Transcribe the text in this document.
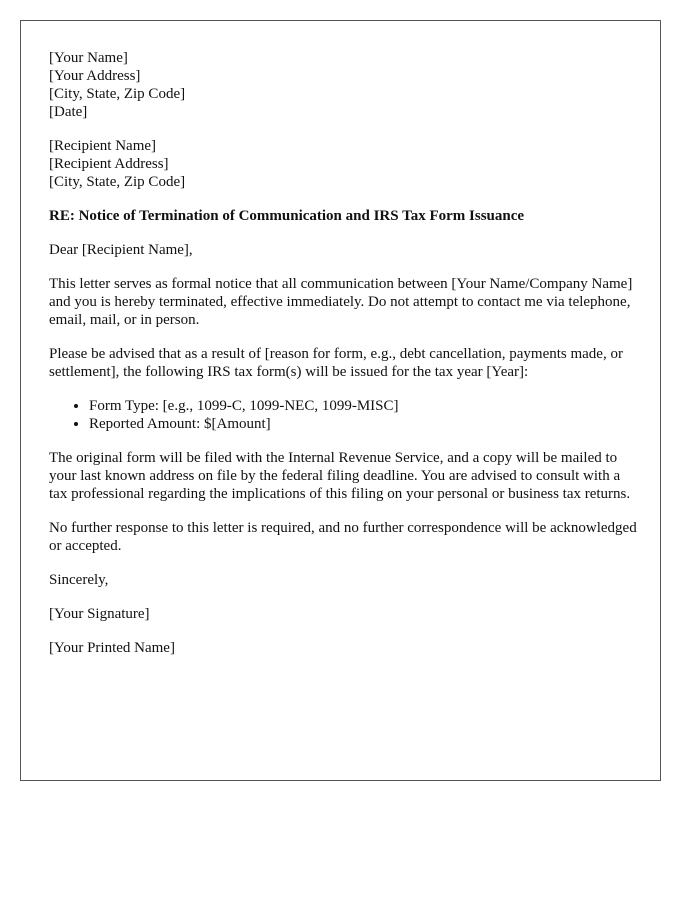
[Your Name]
[Your Address]
[City, State, Zip Code]
[Date]
[Recipient Name]
[Recipient Address]
[City, State, Zip Code]

RE: Notice of Termination of Communication and IRS Tax Form Issuance

Dear [Recipient Name],

This letter serves as formal notice that all communication between [Your Name/Company Name] and you is hereby terminated, effective immediately. Do not attempt to contact me via telephone, email, mail, or in person.

Please be advised that as a result of [reason for form, e.g., debt cancellation, payments made, or settlement], the following IRS tax form(s) will be issued for the tax year [Year]:

• Form Type: [e.g., 1099-C, 1099-NEC, 1099-MISC]
• Reported Amount: $[Amount]

The original form will be filed with the Internal Revenue Service, and a copy will be mailed to your last known address on file by the federal filing deadline. You are advised to consult with a tax professional regarding the implications of this filing on your personal or business tax returns.

No further response to this letter is required, and no further correspondence will be acknowledged or accepted.

Sincerely,

[Your Signature]

[Your Printed Name]
